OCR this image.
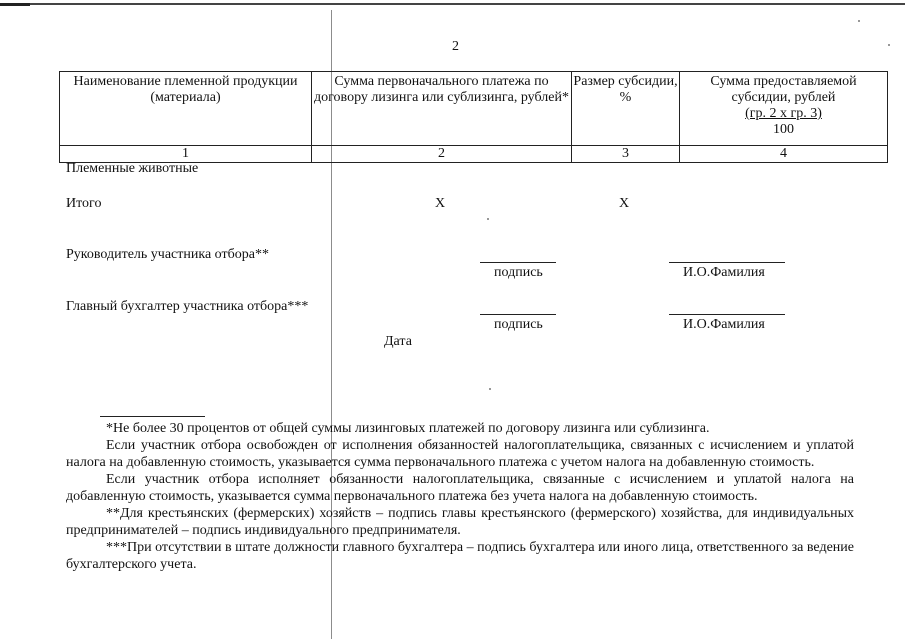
2
Наименование племенной продукции (материала)	Сумма первоначального платежа по договору лизинга или сублизинга, рублей*	Размер субсидии, %	Сумма предоставляемой субсидии, рублей
(гр. 2 х гр. 3)
100

1	2	3	4
Племенные животные
Итого	X	X
Руководитель участника отбора**
подпись	И.О.Фамилия
Главный бухгалтер участника отбора***
подпись	И.О.Фамилия
Дата

*Не более 30 процентов от общей суммы лизинговых платежей по договору лизинга или сублизинга.

Если участник отбора освобожден от исполнения обязанностей налогоплательщика, связанных с исчислением и уплатой налога на добавленную стоимость, указывается сумма первоначального платежа с учетом налога на добавленную стоимость.

Если участник отбора исполняет обязанности налогоплательщика, связанные с исчислением и уплатой налога на добавленную стоимость, указывается сумма первоначального платежа без учета налога на добавленную стоимость.

**Для крестьянских (фермерских) хозяйств – подпись главы крестьянского (фермерского) хозяйства, для индивидуальных предпринимателей – подпись индивидуального предпринимателя.

***При отсутствии в штате должности главного бухгалтера – подпись бухгалтера или иного лица, ответственного за ведение бухгалтерского учета.
